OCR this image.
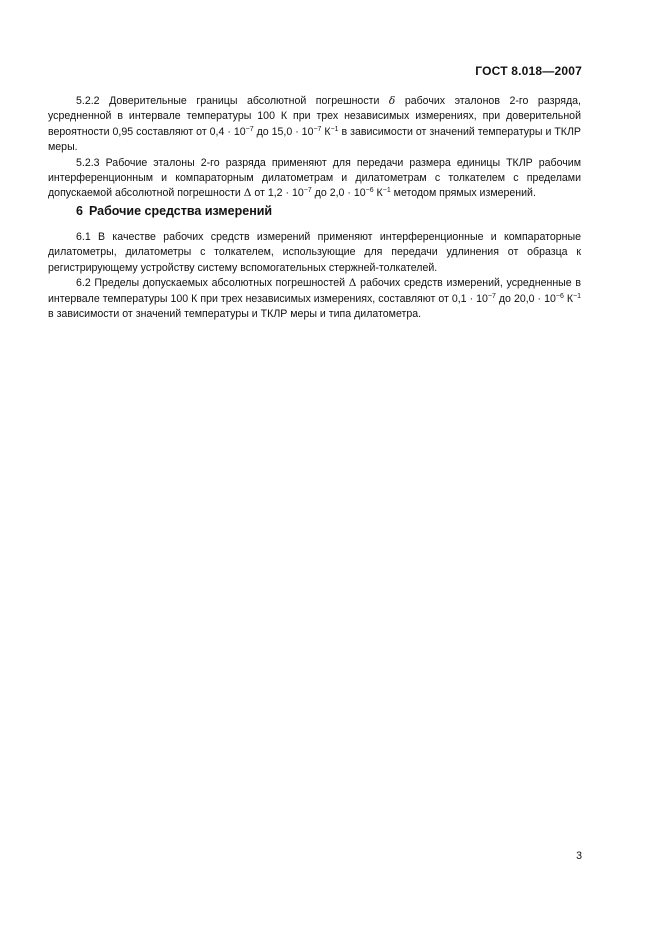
ГОСТ 8.018—2007

5.2.2 Доверительные границы абсолютной погрешности δ рабочих эталонов 2-го разряда, усредненной в интервале температуры 100 К при трех независимых измерениях, при доверительной вероятности 0,95 составляют от $0,4 \cdot 10^{-7}$ до $15,0 \cdot 10^{-7}$ $К^{-1}$ в зависимости от значений температуры и ТКЛР меры.

5.2.3 Рабочие эталоны 2-го разряда применяют для передачи размера единицы ТКЛР рабочим интерференционным и компараторным дилатометрам и дилатометрам с толкателем с пределами допускаемой абсолютной погрешности Δ от $1,2 \cdot 10^{-7}$ до $2,0 \cdot 10^{-6}$ $К^{-1}$ методом прямых измерений.

6 Рабочие средства измерений

6.1 В качестве рабочих средств измерений применяют интерференционные и компараторные дилатометры, дилатометры с толкателем, использующие для передачи удлинения от образца к регистрирующему устройству систему вспомогательных стержней-толкателей.

6.2 Пределы допускаемых абсолютных погрешностей Δ рабочих средств измерений, усредненные в интервале температуры 100 К при трех независимых измерениях, составляют от $0,1 \cdot 10^{-7}$ до $20,0 \cdot 10^{-6}$ $К^{-1}$ в зависимости от значений температуры и ТКЛР меры и типа дилатометра.

3
